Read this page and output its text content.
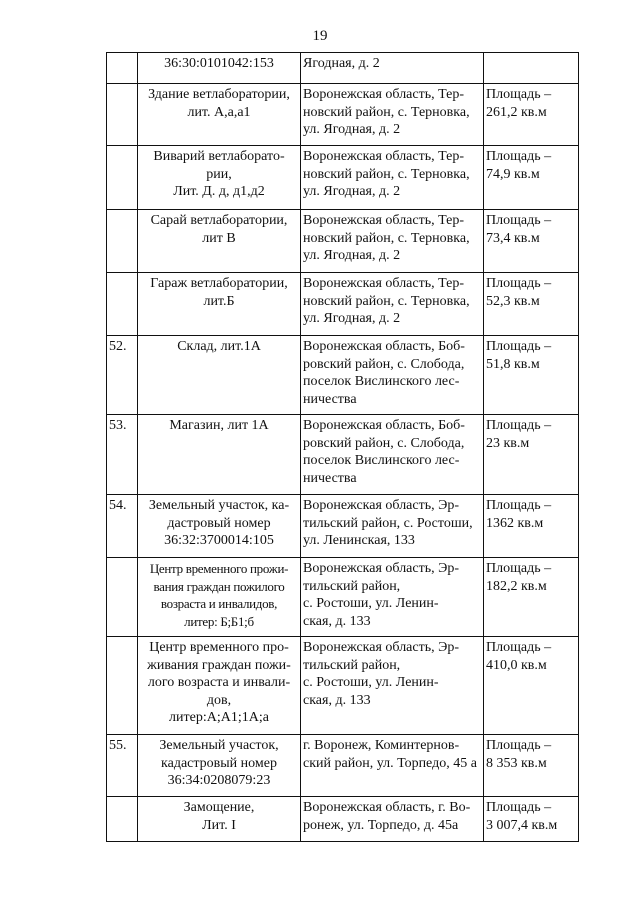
19

	36:30:0101042:153	Ягодная, д. 2	

	Здание ветлаборатории,
лит. А,а,а1	Воронежская область, Тер-
новский район, с. Терновка,
ул. Ягодная, д. 2	Площадь –
261,2 кв.м

	Виварий ветлаборато-
рии,
Лит. Д. д, д1,д2	Воронежская область, Тер-
новский район, с. Терновка,
ул. Ягодная, д. 2	Площадь –
74,9 кв.м

	Сарай ветлаборатории,
лит В	Воронежская область, Тер-
новский район, с. Терновка,
ул. Ягодная, д. 2	Площадь –
73,4 кв.м

	Гараж ветлаборатории,
лит.Б	Воронежская область, Тер-
новский район, с. Терновка,
ул. Ягодная, д. 2	Площадь –
52,3 кв.м

52.	Склад, лит.1А	Воронежская область, Боб-
ровский район, с. Слобода,
поселок Вислинского лес-
ничества	Площадь –
51,8 кв.м

53.	Магазин, лит 1А	Воронежская область, Боб-
ровский район, с. Слобода,
поселок Вислинского лес-
ничества	Площадь –
23 кв.м

54.	Земельный участок, ка-
дастровый номер
36:32:3700014:105	Воронежская область, Эр-
тильский район, с. Ростоши,
ул. Ленинская, 133	Площадь –
1362 кв.м

	Центр временного прожи-
вания граждан пожилого
возраста и инвалидов,
литер: Б;Б1;б	Воронежская область, Эр-
тильский район,
с. Ростоши, ул. Ленин-
ская, д. 133	Площадь –
182,2 кв.м

	Центр временного про-
живания граждан пожи-
лого возраста и инвали-
дов,
литер:А;А1;1А;а	Воронежская область, Эр-
тильский район,
с. Ростоши, ул. Ленин-
ская, д. 133	Площадь –
410,0 кв.м

55.	Земельный участок,
кадастровый номер
36:34:0208079:23	г. Воронеж, Коминтернов-
ский район, ул. Торпедо, 45 а	Площадь –
8 353 кв.м

	Замощение,
Лит. I	Воронежская область, г. Во-
ронеж, ул. Торпедо, д. 45а	Площадь –
3 007,4 кв.м
